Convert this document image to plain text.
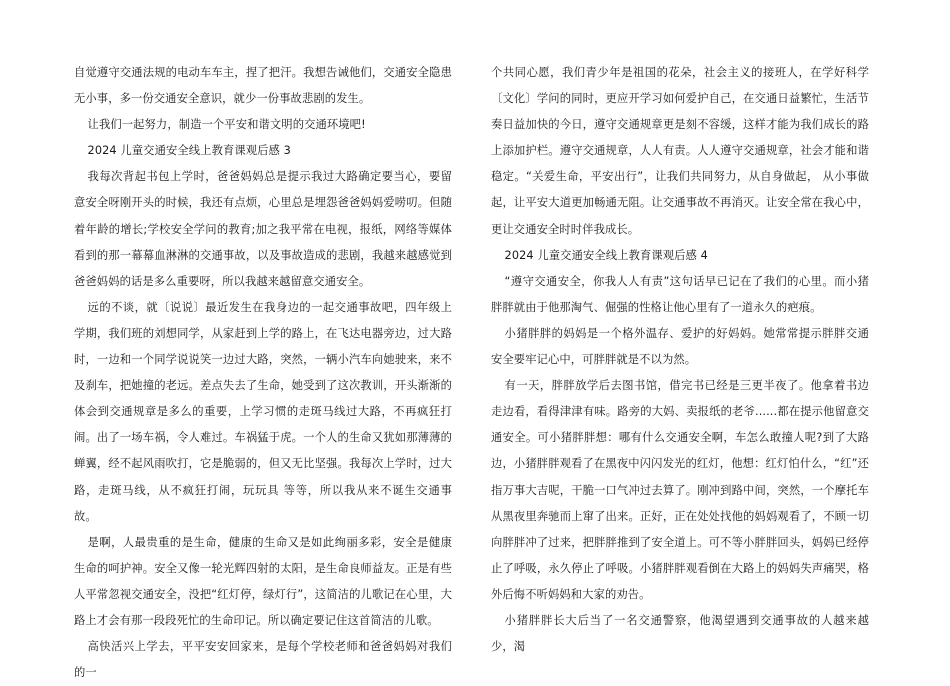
自觉遵守交通法规的电动车车主，捏了把汗。我想告诫他们，交通安全隐患无小事，多一份交通安全意识，就少一份事故悲剧的发生。

让我们一起努力，制造一个平安和谐文明的交通环境吧!

2024 儿童交通安全线上教育课观后感 3

我每次背起书包上学时，爸爸妈妈总是提示我过大路确定要当心，要留意安全呀刚开头的时候，我还有点烦，心里总是埋怨爸爸妈妈爱唠叨。但随着年龄的增长;学校安全学问的教育;加之我平常在电视，报纸，网络等媒体看到的那一幕幕血淋淋的交通事故，以及事故造成的悲剧，我越来越感觉到爸爸妈妈的话是多么重要呀，所以我越来越留意交通安全。

远的不谈，就〔说说〕最近发生在我身边的一起交通事故吧，四年级上学期，我们班的刘想同学，从家赶到上学的路上，在飞达电器旁边，过大路时，一边和一个同学说说笑一边过大路，突然，一辆小汽车向她驶来，来不及刹车，把她撞的老远。差点失去了生命，她受到了这次教训，开头渐渐的体会到交通规章是多么的重要，上学习惯的走斑马线过大路，不再疯狂打闹。出了一场车祸，令人难过。车祸猛于虎。一个人的生命又犹如那薄薄的蝉翼，经不起风雨吹打，它是脆弱的，但又无比坚强。我每次上学时，过大路，走斑马线，从不疯狂打闹，玩玩具 等等，所以我从来不诞生交通事故。

是啊，人最贵重的是生命，健康的生命又是如此绚丽多彩，安全是健康生命的呵护神。安全又像一轮光辉四射的太阳，是生命良师益友。正是有些人平常忽视交通安全，没把“红灯停，绿灯行”，这简洁的儿歌记在心里，大路上才会有那一段段死忙的生命印记。所以确定要记住这首简洁的儿歌。

高快活兴上学去，平平安安回家来，是每个学校老师和爸爸妈妈对我们的一

个共同心愿，我们青少年是祖国的花朵，社会主义的接班人，在学好科学〔文化〕学问的同时，更应开学习如何爱护自己，在交通日益繁忙，生活节奏日益加快的今日，遵守交通规章更是刻不容缓，这样才能为我们成长的路上添加护栏。遵守交通规章，人人有责。人人遵守交通规章，社会才能和谐稳定。“关爱生命，平安出行”，让我们共同努力，从自身做起， 从小事做起，让平安大道更加畅通无阻。让交通事故不再消灭。让安全常在我心中，更让交通安全时时伴我成长。

2024 儿童交通安全线上教育课观后感 4

“遵守交通安全，你我人人有责”这句话早已记在了我们的心里。而小猪胖胖就由于他那淘气、倔强的性格让他心里有了一道永久的疤痕。

小猪胖胖的妈妈是一个格外温存、爱护的好妈妈。她常常提示胖胖交通安全要牢记心中，可胖胖就是不以为然。

有一天，胖胖放学后去图书馆，借完书已经是三更半夜了。他拿着书边走边看，看得津津有味。路旁的大妈、卖报纸的老爷......都在提示他留意交通安全。可小猪胖胖想：哪有什么交通安全啊，车怎么敢撞人呢?到了大路边，小猪胖胖观看了在黑夜中闪闪发光的红灯，他想：红灯怕什么，“红”还指万事大吉呢，干脆一口气冲过去算了。刚冲到路中间，突然，一个摩托车从黑夜里奔驰而上窜了出来。正好，正在处处找他的妈妈观看了，不顾一切向胖胖冲了过来，把胖胖推到了安全道上。可不等小胖胖回头，妈妈已经停止了呼吸，永久停止了呼吸。小猪胖胖观看倒在大路上的妈妈失声痛哭，格外后悔不听妈妈和大家的劝告。

小猪胖胖长大后当了一名交通警察，他渴望遇到交通事故的人越来越少，渴
